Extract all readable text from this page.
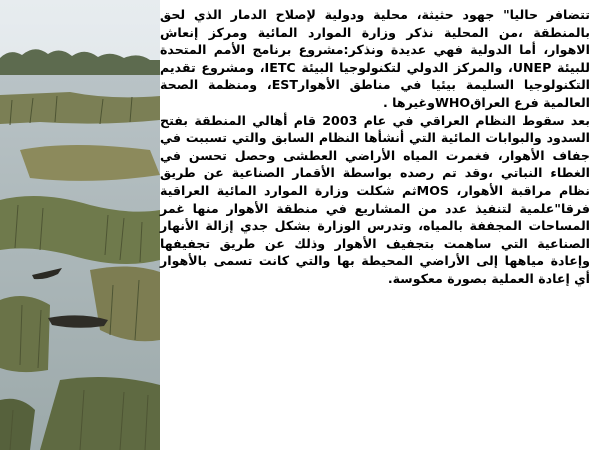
تتضافر حاليا" جهود حثيثة، محلية ودولية لإصلاح الدمار الذي لحق بالمنطقة ،من المحلية نذكر وزارة الموارد المائية ومركز إنعاش الاهوار، أما الدولية فهي عديدة ونذكر:مشروع برنامج الأمم المتحدة للبيئة UNEP، والمركز الدولي لتكنولوجيا البيئة IETC، ومشروع تقديم التكنولوجيا السليمة بيئيا في مناطق الأهوارEST، ومنظمة الصحة العالمية فرع العراقWHOوغيرها .

بعد سقوط النظام العراقي في عام 2003 قام أهالي المنطقة بفتح السدود والبوابات المائية التي أنشأها النظام السابق والتي تسببت في جفاف الأهوار، فغمرت المياه الأراضي العطشى وحصل تحسن في الغطاء النباتي ،وقد تم رصده بواسطة الأقمار الصناعية عن طريق نظام مراقبة الأهوار، MOSثم شكلت وزارة الموارد المائية العراقية فرقا"علمية لتنفيذ عدد من المشاريع في منطقة الأهوار منها غمر المساحات المجففة بالمياه، وتدرس الوزارة بشكل جدي إزالة الأنهار الصناعية التي ساهمت بتجفيف الأهوار وذلك عن طريق تجفيفها وإعادة مياهها إلى الأراضي المحيطة بها والتي كانت تسمى بالأهوار أي إعادة العملية بصورة معكوسة.
